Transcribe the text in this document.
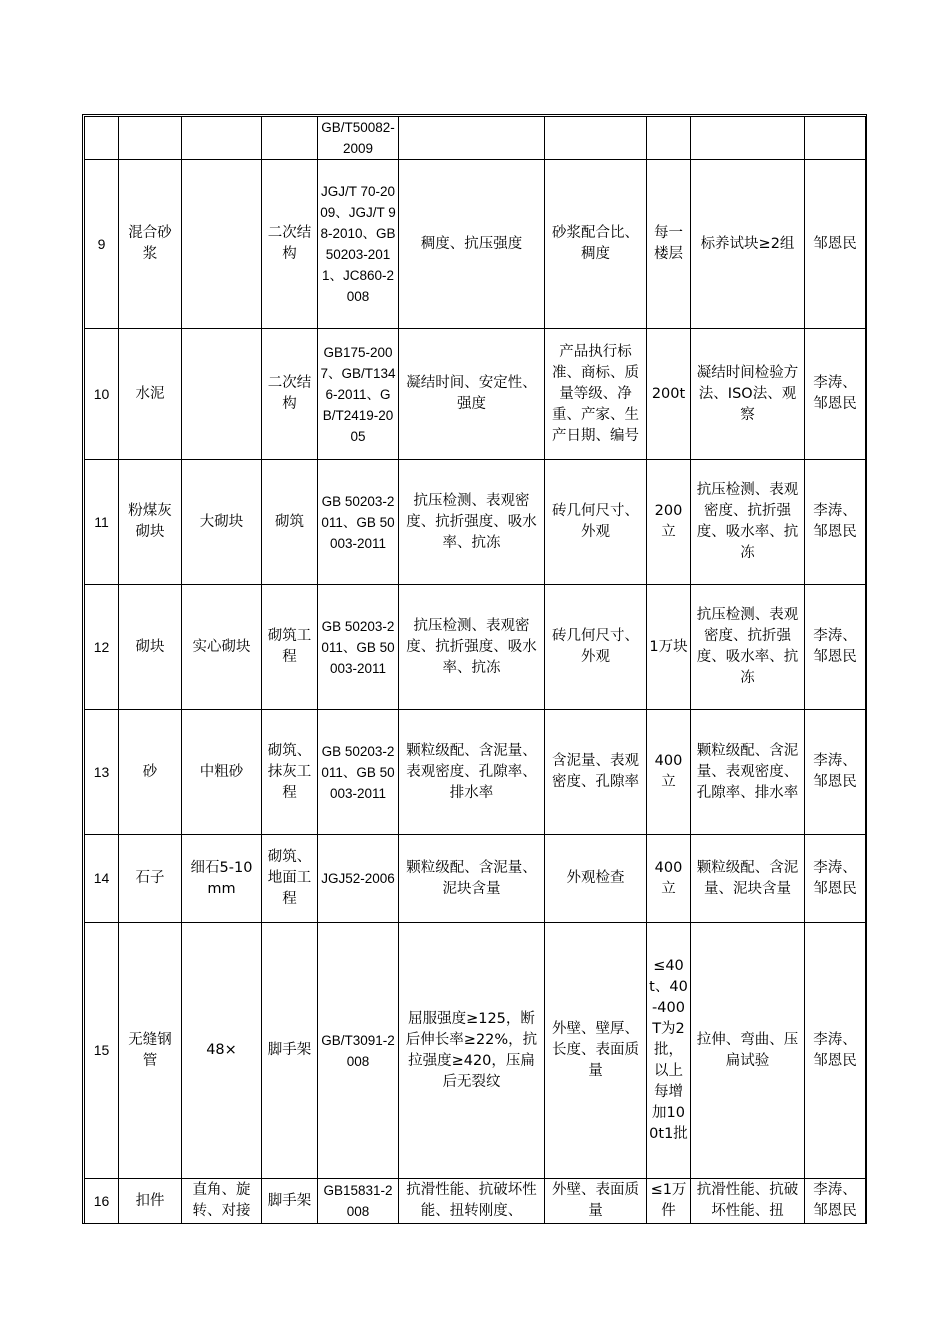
				GB/T50082-2009					
9	混合砂浆		二次结构	JGJ/T 70-2009、JGJ/T 98-2010、GB50203-2011、JC860-2008	稠度、抗压强度	砂浆配合比、稠度	每一楼层	标养试块≥2组	邹恩民
10	水泥		二次结构	GB175-2007、GB/T1346-2011、GB/T2419-2005	凝结时间、安定性、强度	产品执行标准、商标、质量等级、净重、产家、生产日期、编号	200t	凝结时间检验方法、ISO法、观察	李涛、邹恩民
11	粉煤灰砌块	大砌块	砌筑	GB 50203-2011、GB 50003-2011	抗压检测、表观密度、抗折强度、吸水率、抗冻	砖几何尺寸、外观	200立	抗压检测、表观密度、抗折强度、吸水率、抗冻	李涛、邹恩民
12	砌块	实心砌块	砌筑工程	GB 50203-2011、GB 50003-2011	抗压检测、表观密度、抗折强度、吸水率、抗冻	砖几何尺寸、外观	1万块	抗压检测、表观密度、抗折强度、吸水率、抗冻	李涛、邹恩民
13	砂	中粗砂	砌筑、抹灰工程	GB 50203-2011、GB 50003-2011	颗粒级配、含泥量、表观密度、孔隙率、排水率	含泥量、表观密度、孔隙率	400立	颗粒级配、含泥量、表观密度、孔隙率、排水率	李涛、邹恩民
14	石子	细石5-10mm	砌筑、地面工程	JGJ52-2006	颗粒级配、含泥量、泥块含量	外观检查	400立	颗粒级配、含泥量、泥块含量	李涛、邹恩民
15	无缝钢管	48×	脚手架	GB/T3091-2008	屈服强度≥125，断后伸长率≥22%，抗拉强度≥420，压扁后无裂纹	外壁、壁厚、长度、表面质量	≤40t、40-400T为2批，以上每增加100t1批	拉伸、弯曲、压扁试验	李涛、邹恩民
16	扣件	直角、旋转、对接	脚手架	GB15831-2008	抗滑性能、抗破坏性能、扭转刚度、	外壁、表面质量	≤1万件	抗滑性能、抗破坏性能、扭	李涛、邹恩民
